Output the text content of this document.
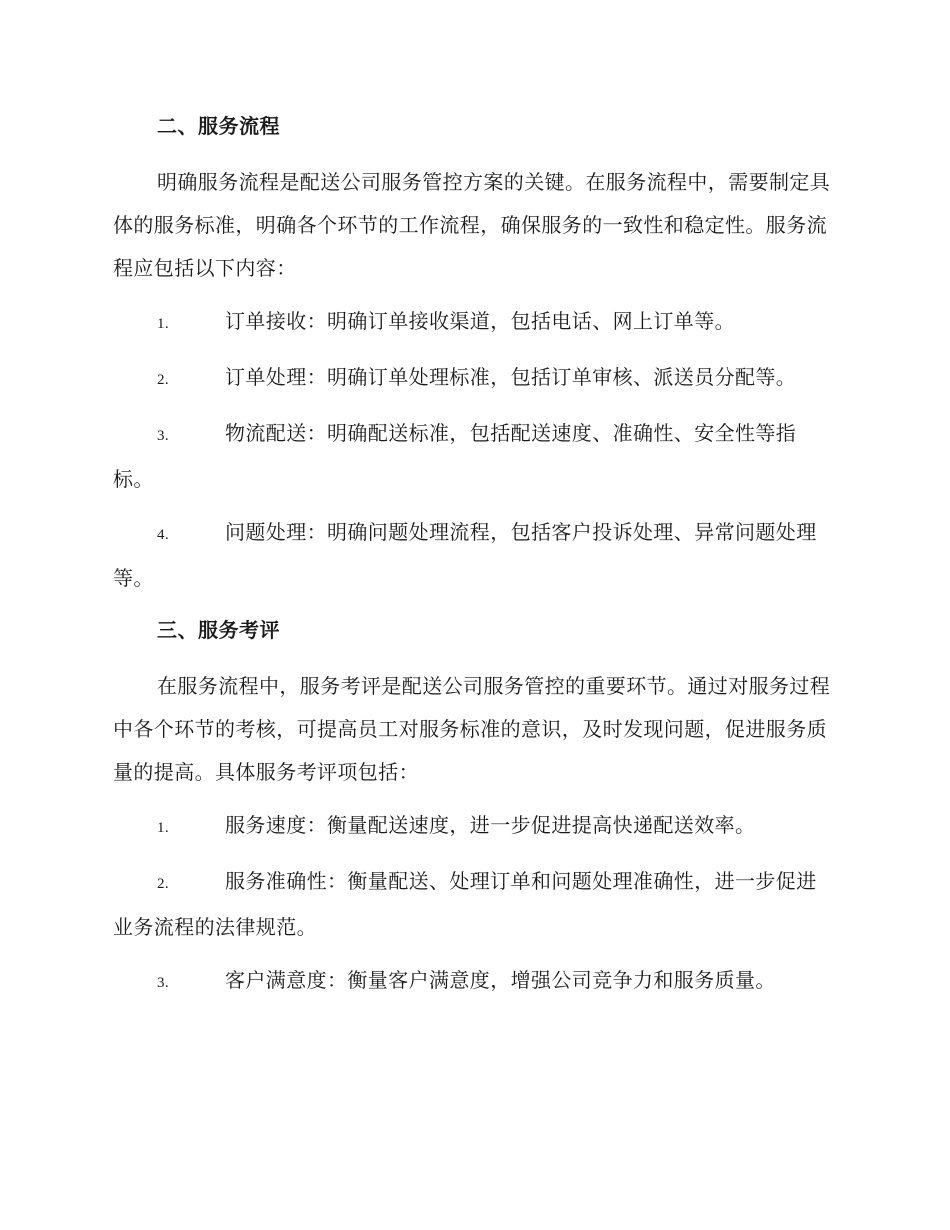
二、服务流程

明确服务流程是配送公司服务管控方案的关键。在服务流程中，需要制定具体的服务标准，明确各个环节的工作流程，确保服务的一致性和稳定性。服务流程应包括以下内容：

1.	订单接收：明确订单接收渠道，包括电话、网上订单等。

2.	订单处理：明确订单处理标准，包括订单审核、派送员分配等。

3.	物流配送：明确配送标准，包括配送速度、准确性、安全性等指标。

4.	问题处理：明确问题处理流程，包括客户投诉处理、异常问题处理等。

三、服务考评

在服务流程中，服务考评是配送公司服务管控的重要环节。通过对服务过程中各个环节的考核，可提高员工对服务标准的意识，及时发现问题，促进服务质量的提高。具体服务考评项包括：

1.	服务速度：衡量配送速度，进一步促进提高快递配送效率。

2.	服务准确性：衡量配送、处理订单和问题处理准确性，进一步促进业务流程的法律规范。

3.	客户满意度：衡量客户满意度，增强公司竞争力和服务质量。
